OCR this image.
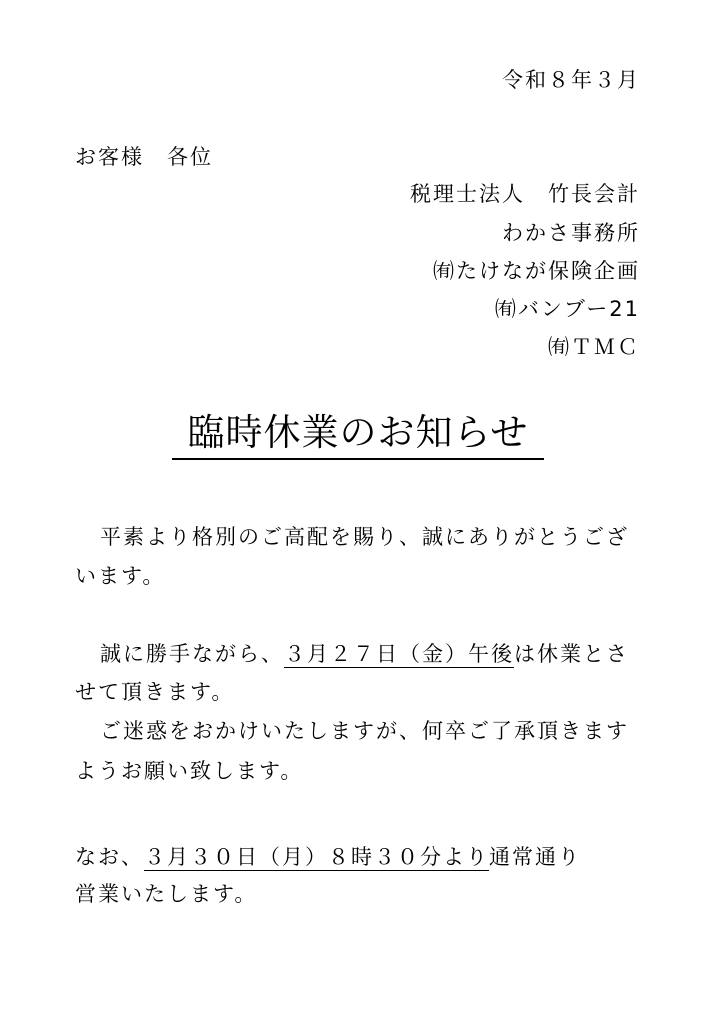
令和８年３月
お客様　各位
税理士法人　竹長会計
わかさ事務所
㈲たけなが保険企画
㈲バンブー21
㈲ＴＭＣ
臨時休業のお知らせ
平素より格別のご高配を賜り、誠にありがとうござ
います。
誠に勝手ながら、３月２７日（金）午後は休業とさ
せて頂きます。
ご迷惑をおかけいたしますが、何卒ご了承頂きます
ようお願い致します。
なお、３月３０日（月）８時３０分より通常通り
営業いたします。
